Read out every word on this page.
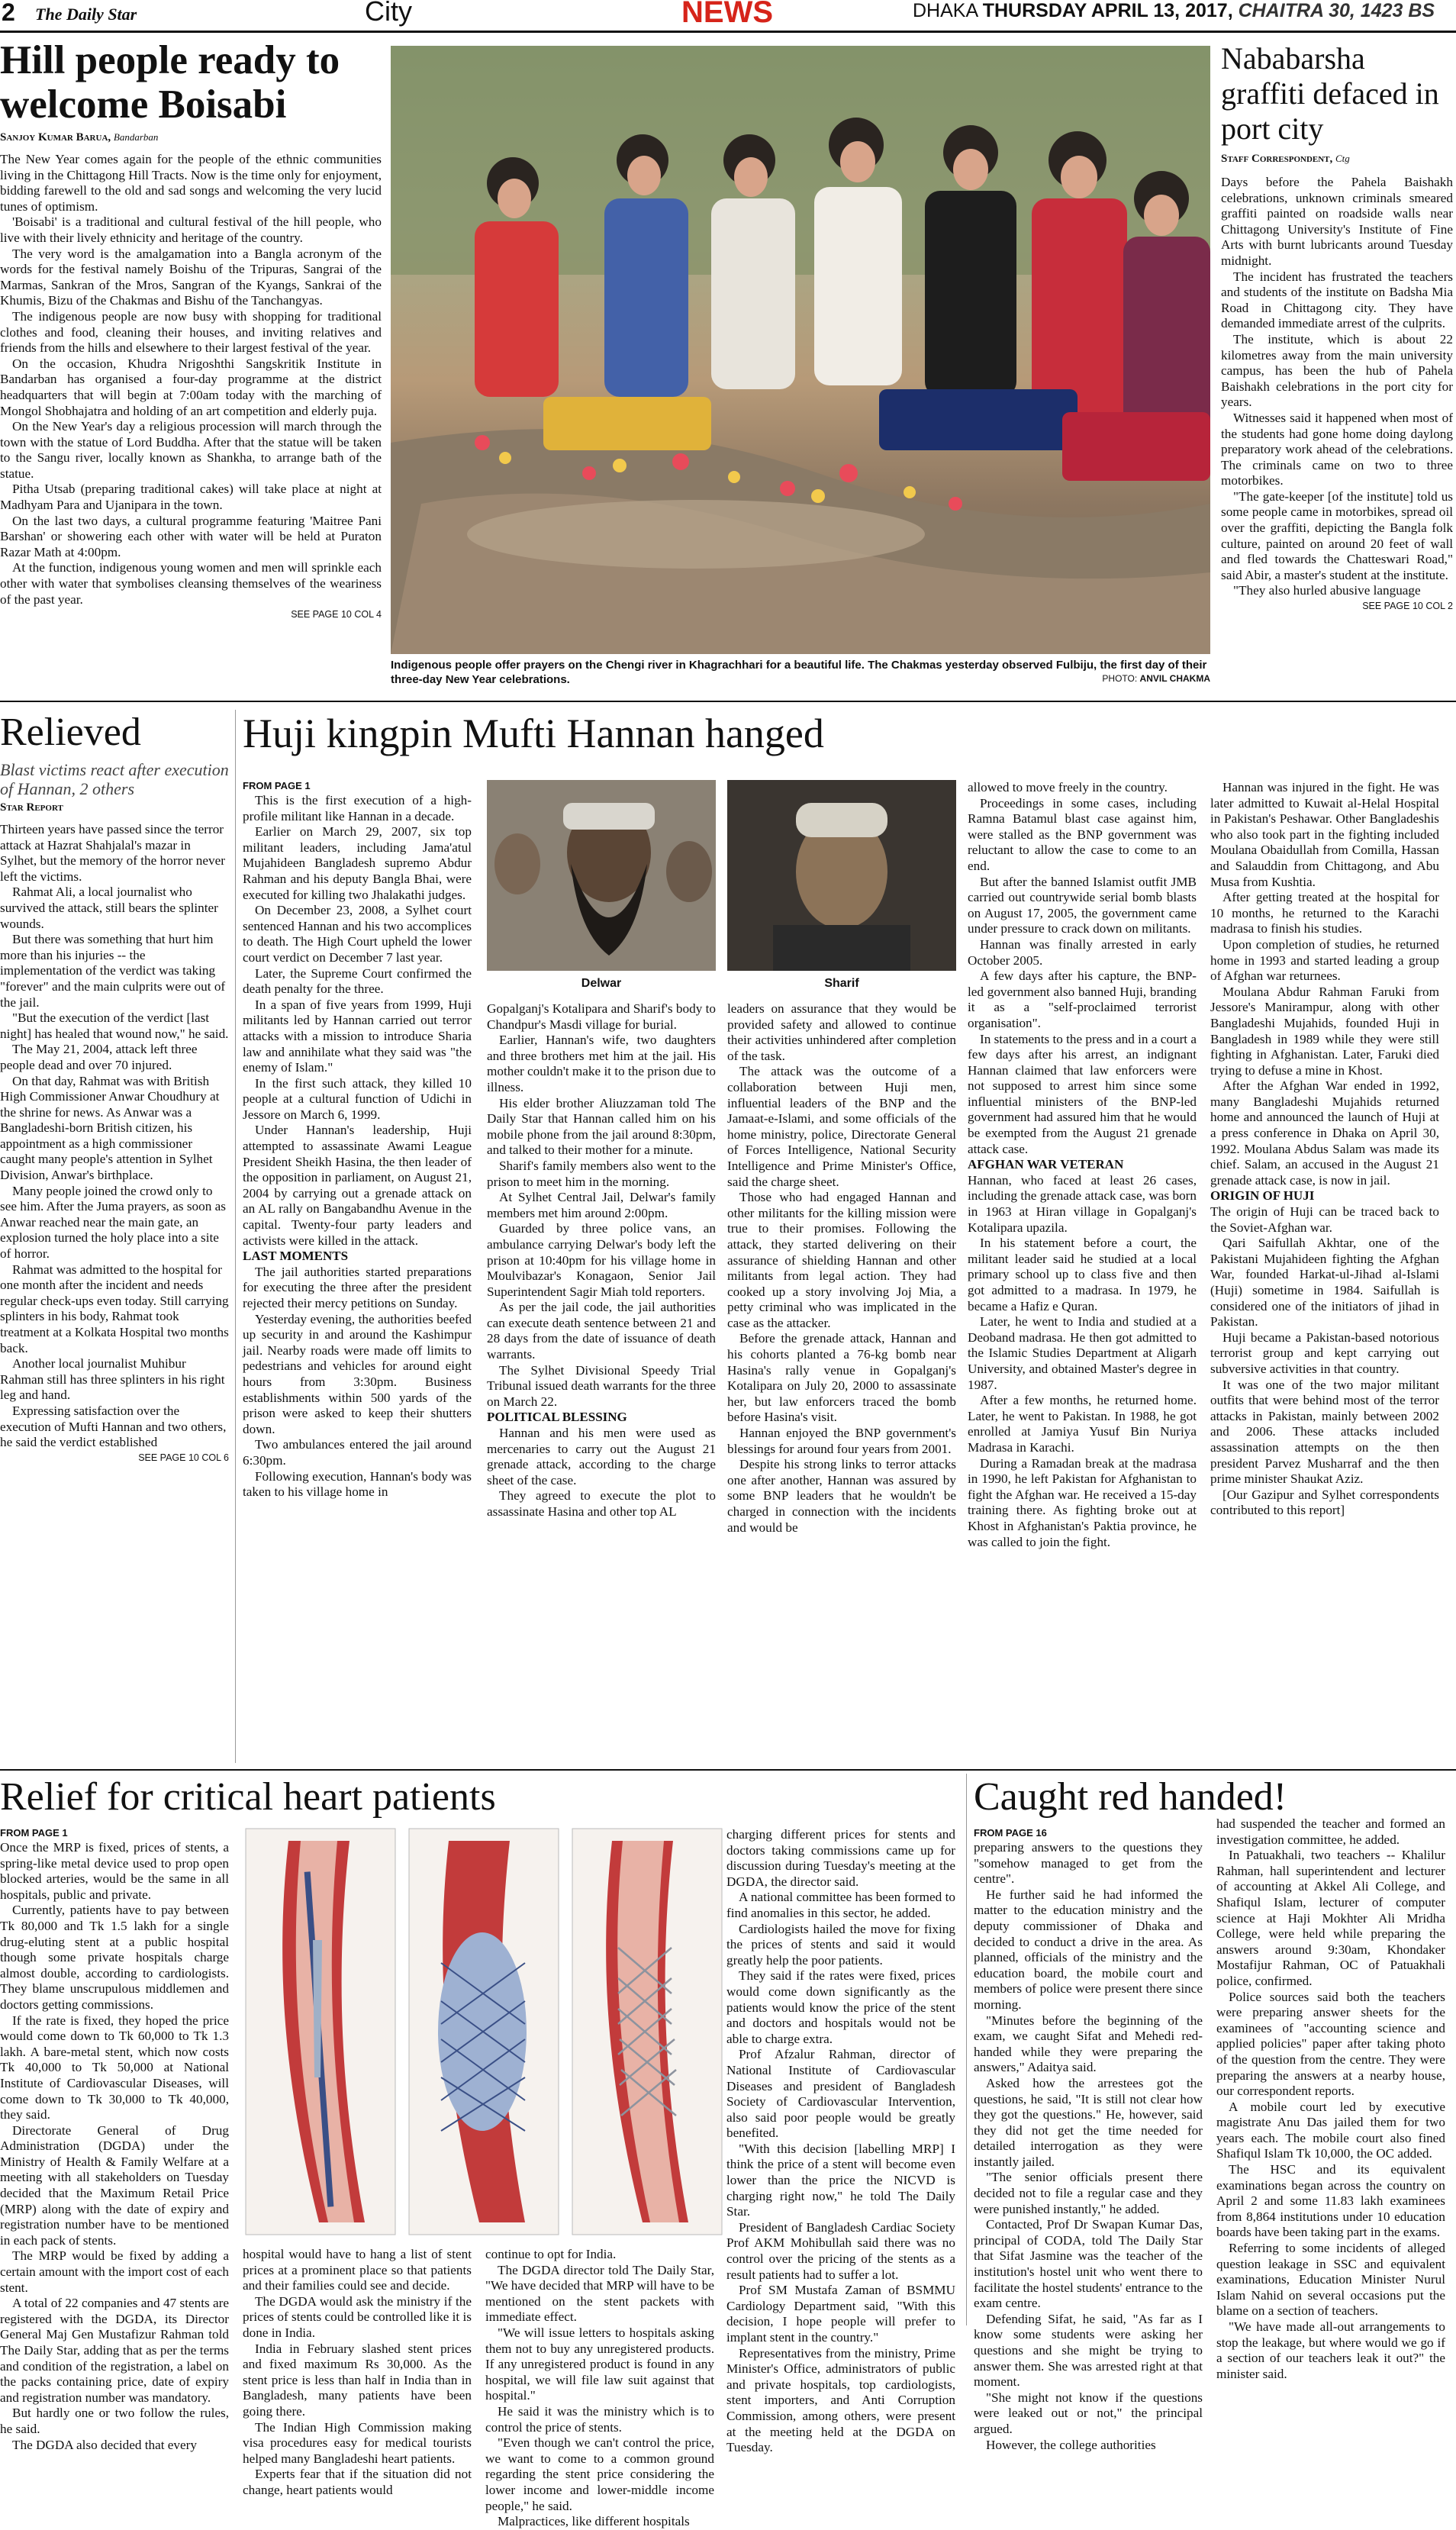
2 The Daily Star	City	NEWS	DHAKA THURSDAY APRIL 13, 2017, CHAITRA 30, 1423 BS
Hill people ready to welcome Boisabi

Sanjoy Kumar Barua, Bandarban

The New Year comes again for the people of the ethnic communities living in the Chittagong Hill Tracts. Now is the time only for enjoyment, bidding farewell to the old and sad songs and welcoming the very lucid tunes of optimism.

'Boisabi' is a traditional and cultural festival of the hill people, who live with their lively ethnicity and heritage of the country.

The very word is the amalgamation into a Bangla acronym of the words for the festival namely Boishu of the Tripuras, Sangrai of the Marmas, Sankran of the Mros, Sangran of the Kyangs, Sankrai of the Khumis, Bizu of the Chakmas and Bishu of the Tanchangyas.

The indigenous people are now busy with shopping for traditional clothes and food, cleaning their houses, and inviting relatives and friends from the hills and elsewhere to their largest festival of the year.

On the occasion, Khudra Nrigoshthi Sangskritik Institute in Bandarban has organised a four-day programme at the district headquarters that will begin at 7:00am today with the marching of Mongol Shobhajatra and holding of an art competition and elderly puja.

On the New Year's day a religious procession will march through the town with the statue of Lord Buddha. After that the statue will be taken to the Sangu river, locally known as Shankha, to arrange bath of the statue.

Pitha Utsab (preparing traditional cakes) will take place at night at Madhyam Para and Ujanipara in the town.

On the last two days, a cultural programme featuring 'Maitree Pani Barshan' or showering each other with water will be held at Puraton Razar Math at 4:00pm.

At the function, indigenous young women and men will sprinkle each other with water that symbolises cleansing themselves of the weariness of the past year.

SEE PAGE 10 COL 4
Indigenous people offer prayers on the Chengi river in Khagrachhari for a beautiful life. The Chakmas yesterday observed Fulbiju, the first day of their three-day New Year celebrations.	PHOTO: ANVIL CHAKMA
Nababarsha graffiti defaced in port city

Staff Correspondent, Ctg

Days before the Pahela Baishakh celebrations, unknown criminals smeared graffiti painted on roadside walls near Chittagong University's Institute of Fine Arts with burnt lubricants around Tuesday midnight.

The incident has frustrated the teachers and students of the institute on Badsha Mia Road in Chittagong city. They have demanded immediate arrest of the culprits.

The institute, which is about 22 kilometres away from the main university campus, has been the hub of Pahela Baishakh celebrations in the port city for years.

Witnesses said it happened when most of the students had gone home doing daylong preparatory work ahead of the celebrations. The criminals came on two to three motorbikes.

"The gate-keeper [of the institute] told us some people came in motorbikes, spread oil over the graffiti, depicting the Bangla folk culture, painted on around 20 feet of wall and fled towards the Chatteswari Road," said Abir, a master's student at the institute.

"They also hurled abusive language

SEE PAGE 10 COL 2
Relieved

Blast victims react after execution of Hannan, 2 others

Star Report

Thirteen years have passed since the terror attack at Hazrat Shahjalal's mazar in Sylhet, but the memory of the horror never left the victims.

Rahmat Ali, a local journalist who survived the attack, still bears the splinter wounds.

But there was something that hurt him more than his injuries -- the implementation of the verdict was taking "forever" and the main culprits were out of the jail.

"But the execution of the verdict [last night] has healed that wound now," he said.

The May 21, 2004, attack left three people dead and over 70 injured.

On that day, Rahmat was with British High Commissioner Anwar Choudhury at the shrine for news. As Anwar was a Bangladeshi-born British citizen, his appointment as a high commissioner caught many people's attention in Sylhet Division, Anwar's birthplace.

Many people joined the crowd only to see him. After the Juma prayers, as soon as Anwar reached near the main gate, an explosion turned the holy place into a site of horror.

Rahmat was admitted to the hospital for one month after the incident and needs regular check-ups even today. Still carrying splinters in his body, Rahmat took treatment at a Kolkata Hospital two months back.

Another local journalist Muhibur Rahman still has three splinters in his right leg and hand.

Expressing satisfaction over the execution of Mufti Hannan and two others, he said the verdict established

SEE PAGE 10 COL 6
Huji kingpin Mufti Hannan hanged
FROM PAGE 1

This is the first execution of a high-profile militant like Hannan in a decade.

Earlier on March 29, 2007, six top militant leaders, including Jama'atul Mujahideen Bangladesh supremo Abdur Rahman and his deputy Bangla Bhai, were executed for killing two Jhalakathi judges.

On December 23, 2008, a Sylhet court sentenced Hannan and his two accomplices to death. The High Court upheld the lower court verdict on December 7 last year.

Later, the Supreme Court confirmed the death penalty for the three.

In a span of five years from 1999, Huji militants led by Hannan carried out terror attacks with a mission to introduce Sharia law and annihilate what they said was "the enemy of Islam."

In the first such attack, they killed 10 people at a cultural function of Udichi in Jessore on March 6, 1999.

Under Hannan's leadership, Huji attempted to assassinate Awami League President Sheikh Hasina, the then leader of the opposition in parliament, on August 21, 2004 by carrying out a grenade attack on an AL rally on Bangabandhu Avenue in the capital. Twenty-four party leaders and activists were killed in the attack.

LAST MOMENTS

The jail authorities started preparations for executing the three after the president rejected their mercy petitions on Sunday.

Yesterday evening, the authorities beefed up security in and around the Kashimpur jail. Nearby roads were made off limits to pedestrians and vehicles for around eight hours from 3:30pm. Business establishments within 500 yards of the prison were asked to keep their shutters down.

Two ambulances entered the jail around 6:30pm.

Following execution, Hannan's body was taken to his village home in

Delwar	Sharif

Gopalganj's Kotalipara and Sharif's body to Chandpur's Masdi village for burial.

Earlier, Hannan's wife, two daughters and three brothers met him at the jail. His mother couldn't make it to the prison due to illness.

His elder brother Aliuzzaman told The Daily Star that Hannan called him on his mobile phone from the jail around 8:30pm, and talked to their mother for a minute.

Sharif's family members also went to the prison to meet him in the morning.

At Sylhet Central Jail, Delwar's family members met him around 2:00pm.

Guarded by three police vans, an ambulance carrying Delwar's body left the prison at 10:40pm for his village home in Moulvibazar's Konagaon, Senior Jail Superintendent Sagir Miah told reporters.

As per the jail code, the jail authorities can execute death sentence between 21 and 28 days from the date of issuance of death warrants.

The Sylhet Divisional Speedy Trial Tribunal issued death warrants for the three on March 22.

POLITICAL BLESSING

Hannan and his men were used as mercenaries to carry out the August 21 grenade attack, according to the charge sheet of the case.

They agreed to execute the plot to assassinate Hasina and other top AL

leaders on assurance that they would be provided safety and allowed to continue their activities unhindered after completion of the task.

The attack was the outcome of a collaboration between Huji men, influential leaders of the BNP and the Jamaat-e-Islami, and some officials of the home ministry, police, Directorate General of Forces Intelligence, National Security Intelligence and Prime Minister's Office, said the charge sheet.

Those who had engaged Hannan and other militants for the killing mission were true to their promises. Following the attack, they started delivering on their assurance of shielding Hannan and other militants from legal action. They had cooked up a story involving Joj Mia, a petty criminal who was implicated in the case as the attacker.

Before the grenade attack, Hannan and his cohorts planted a 76-kg bomb near Hasina's rally venue in Gopalganj's Kotalipara on July 20, 2000 to assassinate her, but law enforcers traced the bomb before Hasina's visit.

Hannan enjoyed the BNP government's blessings for around four years from 2001.

Despite his strong links to terror attacks one after another, Hannan was assured by some BNP leaders that he wouldn't be charged in connection with the incidents and would be

allowed to move freely in the country.

Proceedings in some cases, including Ramna Batamul blast case against him, were stalled as the BNP government was reluctant to allow the case to come to an end.

But after the banned Islamist outfit JMB carried out countrywide serial bomb blasts on August 17, 2005, the government came under pressure to crack down on militants.

Hannan was finally arrested in early October 2005.

A few days after his capture, the BNP-led government also banned Huji, branding it as a "self-proclaimed terrorist organisation".

In statements to the press and in a court a few days after his arrest, an indignant Hannan claimed that law enforcers were not supposed to arrest him since some influential ministers of the BNP-led government had assured him that he would be exempted from the August 21 grenade attack case.

AFGHAN WAR VETERAN

Hannan, who faced at least 26 cases, including the grenade attack case, was born in 1963 at Hiran village in Gopalganj's Kotalipara upazila.

In his statement before a court, the militant leader said he studied at a local primary school up to class five and then got admitted to a madrasa. In 1979, he became a Hafiz e Quran.

Later, he went to India and studied at a Deoband madrasa. He then got admitted to the Islamic Studies Department at Aligarh University, and obtained Master's degree in 1987.

After a few months, he returned home. Later, he went to Pakistan. In 1988, he got enrolled at Jamiya Yusuf Bin Nuriya Madrasa in Karachi.

During a Ramadan break at the madrasa in 1990, he left Pakistan for Afghanistan to fight the Afghan war. He received a 15-day training there. As fighting broke out at Khost in Afghanistan's Paktia province, he was called to join the fight.

Hannan was injured in the fight. He was later admitted to Kuwait al-Helal Hospital in Pakistan's Peshawar. Other Bangladeshis who also took part in the fighting included Moulana Obaidullah from Comilla, Hassan and Salauddin from Chittagong, and Abu Musa from Kushtia.

After getting treated at the hospital for 10 months, he returned to the Karachi madrasa to finish his studies.

Upon completion of studies, he returned home in 1993 and started leading a group of Afghan war returnees.

Moulana Abdur Rahman Faruki from Jessore's Manirampur, along with other Bangladeshi Mujahids, founded Huji in Bangladesh in 1989 while they were still fighting in Afghanistan. Later, Faruki died trying to defuse a mine in Khost.

After the Afghan War ended in 1992, many Bangladeshi Mujahids returned home and announced the launch of Huji at a press conference in Dhaka on April 30, 1992. Moulana Abdus Salam was made its chief. Salam, an accused in the August 21 grenade attack case, is now in jail.

ORIGIN OF HUJI

The origin of Huji can be traced back to the Soviet-Afghan war.

Qari Saifullah Akhtar, one of the Pakistani Mujahideen fighting the Afghan War, founded Harkat-ul-Jihad al-Islami (Huji) sometime in 1984. Saifullah is considered one of the initiators of jihad in Pakistan.

Huji became a Pakistan-based notorious terrorist group and kept carrying out subversive activities in that country.

It was one of the two major militant outfits that were behind most of the terror attacks in Pakistan, mainly between 2002 and 2006. These attacks included assassination attempts on the then president Parvez Musharraf and the then prime minister Shaukat Aziz.

[Our Gazipur and Sylhet correspondents contributed to this report]

Relief for critical heart patients
FROM PAGE 1

Once the MRP is fixed, prices of stents, a spring-like metal device used to prop open blocked arteries, would be the same in all hospitals, public and private.

Currently, patients have to pay between Tk 80,000 and Tk 1.5 lakh for a single drug-eluting stent at a public hospital though some private hospitals charge almost double, according to cardiologists. They blame unscrupulous middlemen and doctors getting commissions.

If the rate is fixed, they hoped the price would come down to Tk 60,000 to Tk 1.3 lakh. A bare-metal stent, which now costs Tk 40,000 to Tk 50,000 at National Institute of Cardiovascular Diseases, will come down to Tk 30,000 to Tk 40,000, they said.

Directorate General of Drug Administration (DGDA) under the Ministry of Health & Family Welfare at a meeting with all stakeholders on Tuesday decided that the Maximum Retail Price (MRP) along with the date of expiry and registration number have to be mentioned in each pack of stents.

The MRP would be fixed by adding a certain amount with the import cost of each stent.

A total of 22 companies and 47 stents are registered with the DGDA, its Director General Maj Gen Mustafizur Rahman told The Daily Star, adding that as per the terms and condition of the registration, a label on the packs containing price, date of expiry and registration number was mandatory.

But hardly one or two follow the rules, he said.

The DGDA also decided that every

hospital would have to hang a list of stent prices at a prominent place so that patients and their families could see and decide.

The DGDA would ask the ministry if the prices of stents could be controlled like it is done in India.

India in February slashed stent prices and fixed maximum Rs 30,000. As the stent price is less than half in India than in Bangladesh, many patients have been going there.

The Indian High Commission making visa procedures easy for medical tourists helped many Bangladeshi heart patients.

Experts fear that if the situation did not change, heart patients would

continue to opt for India.

The DGDA director told The Daily Star, "We have decided that MRP will have to be mentioned on the stent packets with immediate effect.

"We will issue letters to hospitals asking them not to buy any unregistered products. If any unregistered product is found in any hospital, we will file law suit against that hospital."

He said it was the ministry which is to control the price of stents.

"Even though we can't control the price, we want to come to a common ground regarding the stent price considering the lower income and lower-middle income people," he said.

Malpractices, like different hospitals

charging different prices for stents and doctors taking commissions came up for discussion during Tuesday's meeting at the DGDA, the director said.

A national committee has been formed to find anomalies in this sector, he added.

Cardiologists hailed the move for fixing the prices of stents and said it would greatly help the poor patients.

They said if the rates were fixed, prices would come down significantly as the patients would know the price of the stent and doctors and hospitals would not be able to charge extra.

Prof Afzalur Rahman, director of National Institute of Cardiovascular Diseases and president of Bangladesh Society of Cardiovascular Intervention, also said poor people would be greatly benefited.

"With this decision [labelling MRP] I think the price of a stent will become even lower than the price the NICVD is charging right now," he told The Daily Star.

President of Bangladesh Cardiac Society Prof AKM Mohibullah said there was no control over the pricing of the stents as a result patients had to suffer a lot.

Prof SM Mustafa Zaman of BSMMU Cardiology Department said, "With this decision, I hope people will prefer to implant stent in the country."

Representatives from the ministry, Prime Minister's Office, administrators of public and private hospitals, top cardiologists, stent importers, and Anti Corruption Commission, among others, were present at the meeting held at the DGDA on Tuesday.

Caught red handed!
FROM PAGE 16

preparing answers to the questions they "somehow managed to get from the centre".

He further said he had informed the matter to the education ministry and the deputy commissioner of Dhaka and decided to conduct a drive in the area. As planned, officials of the ministry and the education board, the mobile court and members of police were present there since morning.

"Minutes before the beginning of the exam, we caught Sifat and Mehedi red-handed while they were preparing the answers," Adaitya said.

Asked how the arrestees got the questions, he said, "It is still not clear how they got the questions." He, however, said they did not get the time needed for detailed interrogation as they were instantly jailed.

"The senior officials present there decided not to file a regular case and they were punished instantly," he added.

Contacted, Prof Dr Swapan Kumar Das, principal of CODA, told The Daily Star that Sifat Jasmine was the teacher of the institution's hostel unit who went there to facilitate the hostel students' entrance to the exam centre.

Defending Sifat, he said, "As far as I know some students were asking her questions and she might be trying to answer them. She was arrested right at that moment.

"She might not know if the questions were leaked out or not," the principal argued.

However, the college authorities

had suspended the teacher and formed an investigation committee, he added.

In Patuakhali, two teachers -- Khalilur Rahman, hall superintendent and lecturer of accounting at Akkel Ali College, and Shafiqul Islam, lecturer of computer science at Haji Mokhter Ali Mridha College, were held while preparing the answers around 9:30am, Khondaker Mostafijur Rahman, OC of Patuakhali police, confirmed.

Police sources said both the teachers were preparing answer sheets for the examinees of "accounting science and applied policies" paper after taking photo of the question from the centre. They were preparing the answers at a nearby house, our correspondent reports.

A mobile court led by executive magistrate Anu Das jailed them for two years each. The mobile court also fined Shafiqul Islam Tk 10,000, the OC added.

The HSC and its equivalent examinations began across the country on April 2 and some 11.83 lakh examinees from 8,864 institutions under 10 education boards have been taking part in the exams.

Referring to some incidents of alleged question leakage in SSC and equivalent examinations, Education Minister Nurul Islam Nahid on several occasions put the blame on a section of teachers.

"We have made all-out arrangements to stop the leakage, but where would we go if a section of our teachers leak it out?" the minister said.
